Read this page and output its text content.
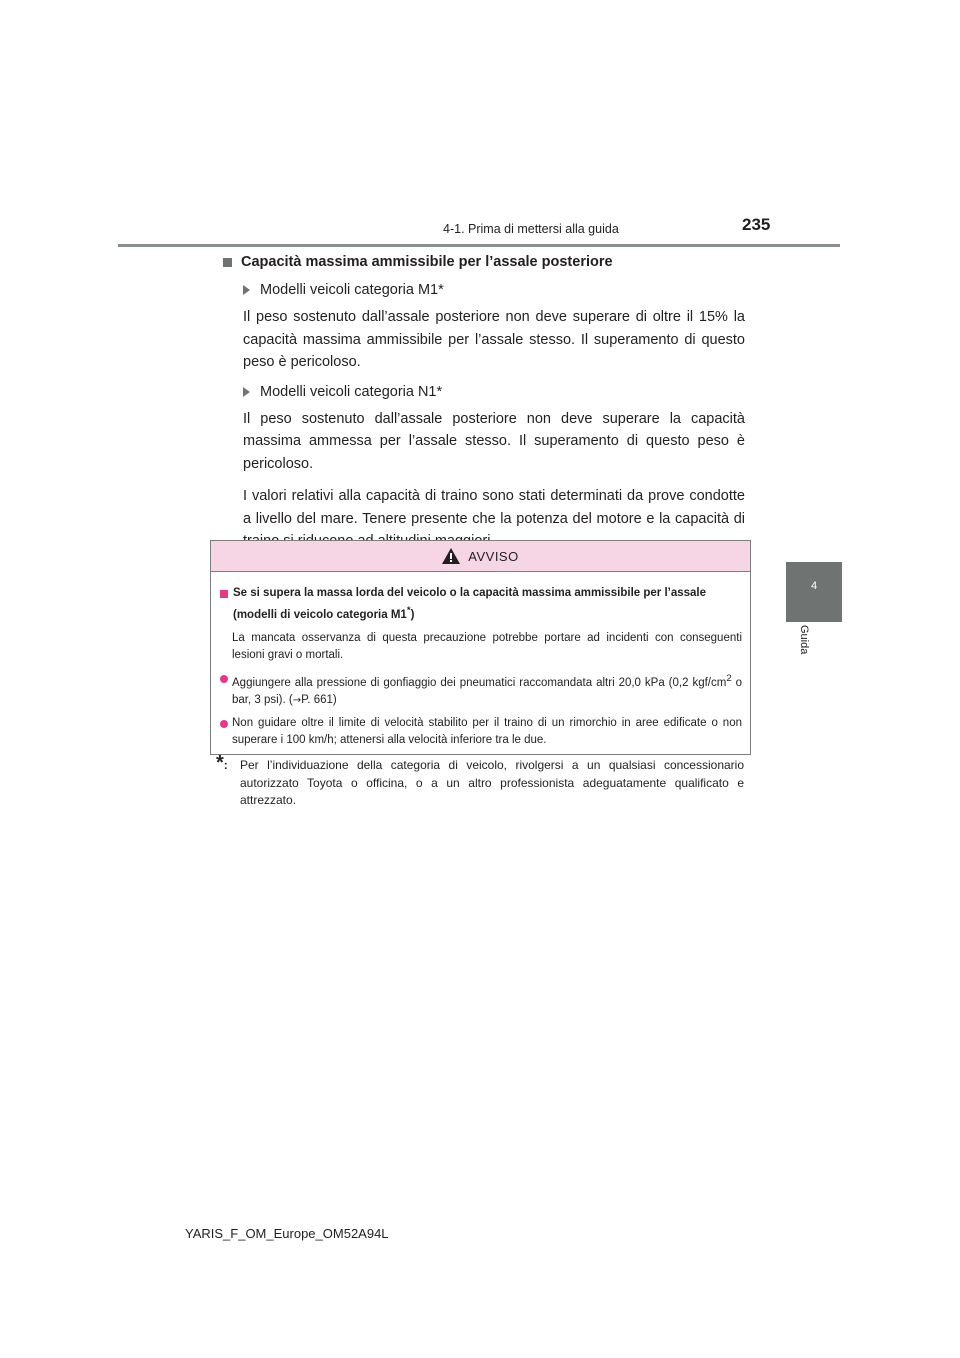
4-1. Prima di mettersi alla guida	235
4
Guida
Capacità massima ammissibile per l’assale posteriore
Modelli veicoli categoria M1*

Il peso sostenuto dall’assale posteriore non deve superare di oltre il 15% la capacità massima ammissibile per l’assale stesso. Il superamento di questo peso è pericoloso.

Modelli veicoli categoria N1*

Il peso sostenuto dall’assale posteriore non deve superare la capacità massima ammessa per l’assale stesso. Il superamento di questo peso è pericoloso.

I valori relativi alla capacità di traino sono stati determinati da prove condotte a livello del mare. Tenere presente che la potenza del motore e la capacità di

AVVISO
Se si supera la massa lorda del veicolo o la capacità massima ammissibile per l’assale (modelli di veicolo categoria M1*)
La mancata osservanza di questa precauzione potrebbe portare ad incidenti con conseguenti lesioni gravi o mortali.
Aggiungere alla pressione di gonfiaggio dei pneumatici raccomandata altri 20,0 kPa (0,2 kgf/$cm^2$ o bar, 3 psi). (→P. 661)
Non guidare oltre il limite di velocità stabilito per il traino di un rimorchio in aree edificate o non superare i 100 km/h; attenersi alla velocità inferiore tra le due.
*:	Per l’individuazione della categoria di veicolo, rivolgersi a un qualsiasi concessionario autorizzato Toyota o officina, o a un altro professionista adeguatamente qualificato e attrezzato.
YARIS_F_OM_Europe_OM52A94L
